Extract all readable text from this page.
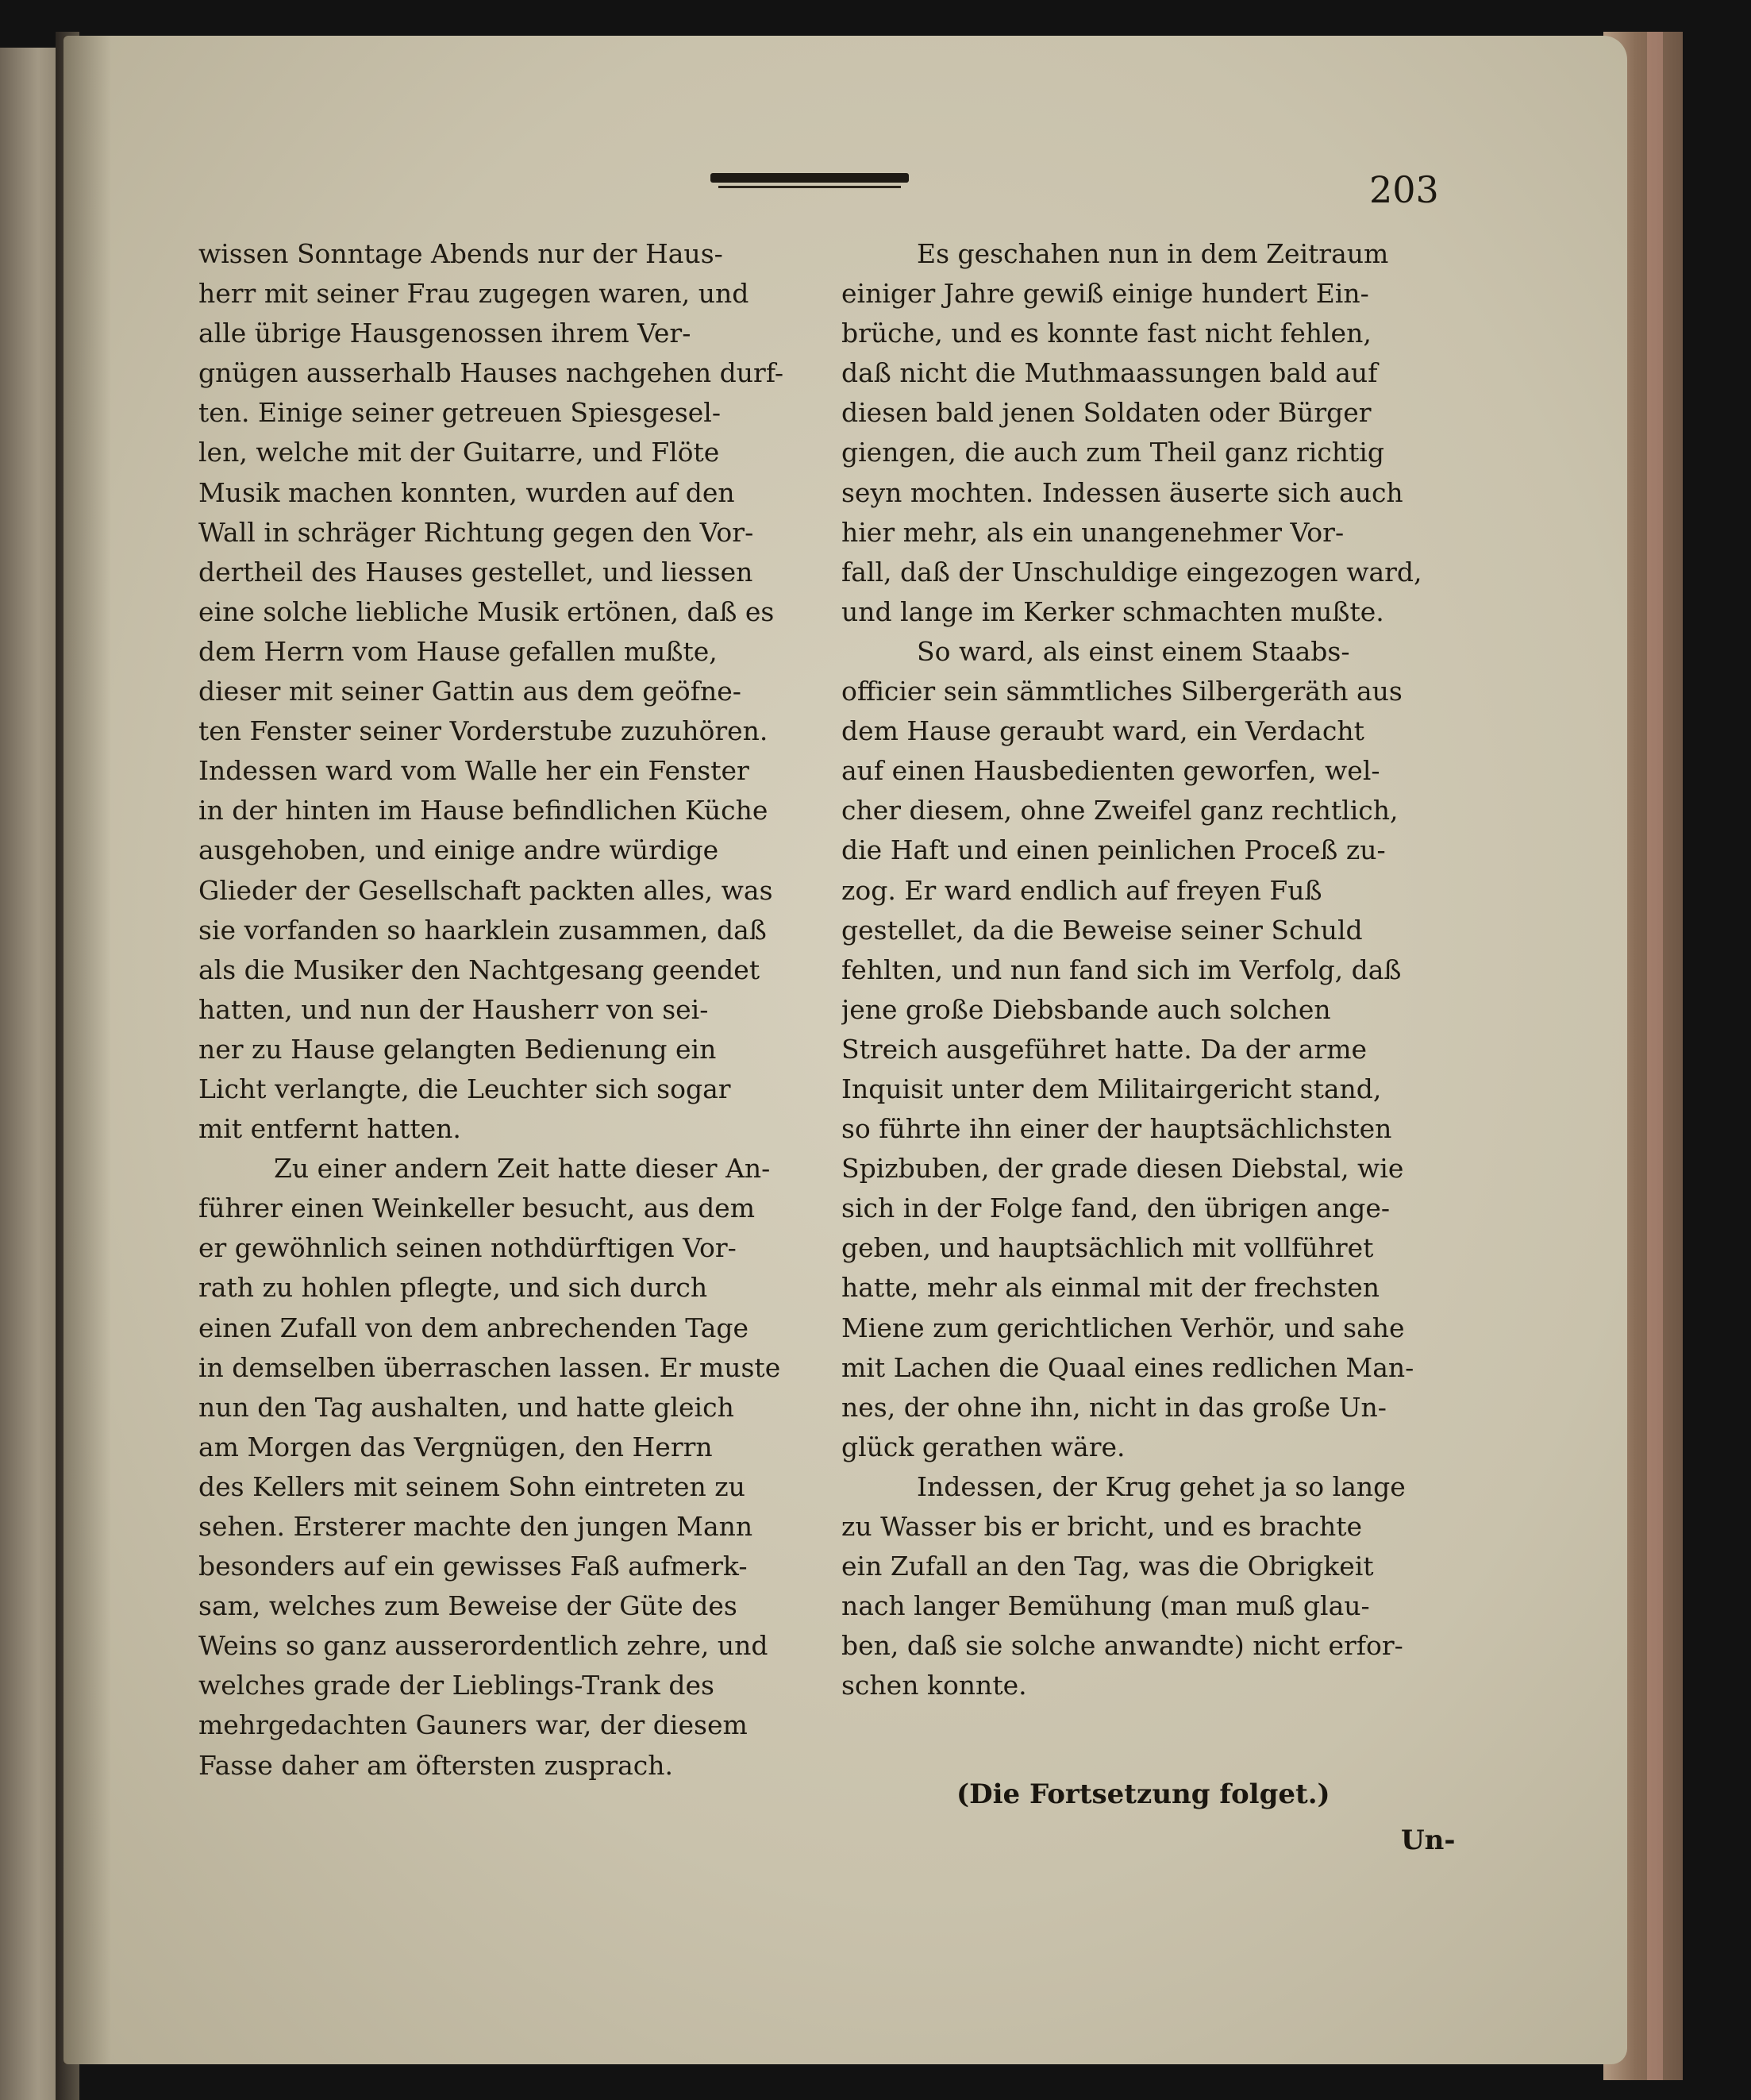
203
wissen Sonntage Abends nur der Haus-
herr mit seiner Frau zugegen waren, und
alle übrige Hausgenossen ihrem Ver-
gnügen ausserhalb Hauses nachgehen durf-
ten. Einige seiner getreuen Spiesgesel-
len, welche mit der Guitarre, und Flöte
Musik machen konnten, wurden auf den
Wall in schräger Richtung gegen den Vor-
dertheil des Hauses gestellet, und liessen
eine solche liebliche Musik ertönen, daß es
dem Herrn vom Hause gefallen mußte,
dieser mit seiner Gattin aus dem geöfne-
ten Fenster seiner Vorderstube zuzuhören.
Indessen ward vom Walle her ein Fenster
in der hinten im Hause befindlichen Küche
ausgehoben, und einige andre würdige
Glieder der Gesellschaft packten alles, was
sie vorfanden so haarklein zusammen, daß
als die Musiker den Nachtgesang geendet
hatten, und nun der Hausherr von sei-
ner zu Hause gelangten Bedienung ein
Licht verlangte, die Leuchter sich sogar
mit entfernt hatten.
Zu einer andern Zeit hatte dieser An-
führer einen Weinkeller besucht, aus dem
er gewöhnlich seinen nothdürftigen Vor-
rath zu hohlen pflegte, und sich durch
einen Zufall von dem anbrechenden Tage
in demselben überraschen lassen. Er muste
nun den Tag aushalten, und hatte gleich
am Morgen das Vergnügen, den Herrn
des Kellers mit seinem Sohn eintreten zu
sehen. Ersterer machte den jungen Mann
besonders auf ein gewisses Faß aufmerk-
sam, welches zum Beweise der Güte des
Weins so ganz ausserordentlich zehre, und
welches grade der Lieblings-Trank des
mehrgedachten Gauners war, der diesem
Fasse daher am öftersten zusprach.
Es geschahen nun in dem Zeitraum
einiger Jahre gewiß einige hundert Ein-
brüche, und es konnte fast nicht fehlen,
daß nicht die Muthmaassungen bald auf
diesen bald jenen Soldaten oder Bürger
giengen, die auch zum Theil ganz richtig
seyn mochten. Indessen äuserte sich auch
hier mehr, als ein unangenehmer Vor-
fall, daß der Unschuldige eingezogen ward,
und lange im Kerker schmachten mußte.
So ward, als einst einem Staabs-
officier sein sämmtliches Silbergeräth aus
dem Hause geraubt ward, ein Verdacht
auf einen Hausbedienten geworfen, wel-
cher diesem, ohne Zweifel ganz rechtlich,
die Haft und einen peinlichen Proceß zu-
zog. Er ward endlich auf freyen Fuß
gestellet, da die Beweise seiner Schuld
fehlten, und nun fand sich im Verfolg, daß
jene große Diebsbande auch solchen
Streich ausgeführet hatte. Da der arme
Inquisit unter dem Militairgericht stand,
so führte ihn einer der hauptsächlichsten
Spizbuben, der grade diesen Diebstal, wie
sich in der Folge fand, den übrigen ange-
geben, und hauptsächlich mit vollführet
hatte, mehr als einmal mit der frechsten
Miene zum gerichtlichen Verhör, und sahe
mit Lachen die Quaal eines redlichen Man-
nes, der ohne ihn, nicht in das große Un-
glück gerathen wäre.
Indessen, der Krug gehet ja so lange
zu Wasser bis er bricht, und es brachte
ein Zufall an den Tag, was die Obrigkeit
nach langer Bemühung (man muß glau-
ben, daß sie solche anwandte) nicht erfor-
schen konnte.
(Die Fortsetzung folget.)
Un-
